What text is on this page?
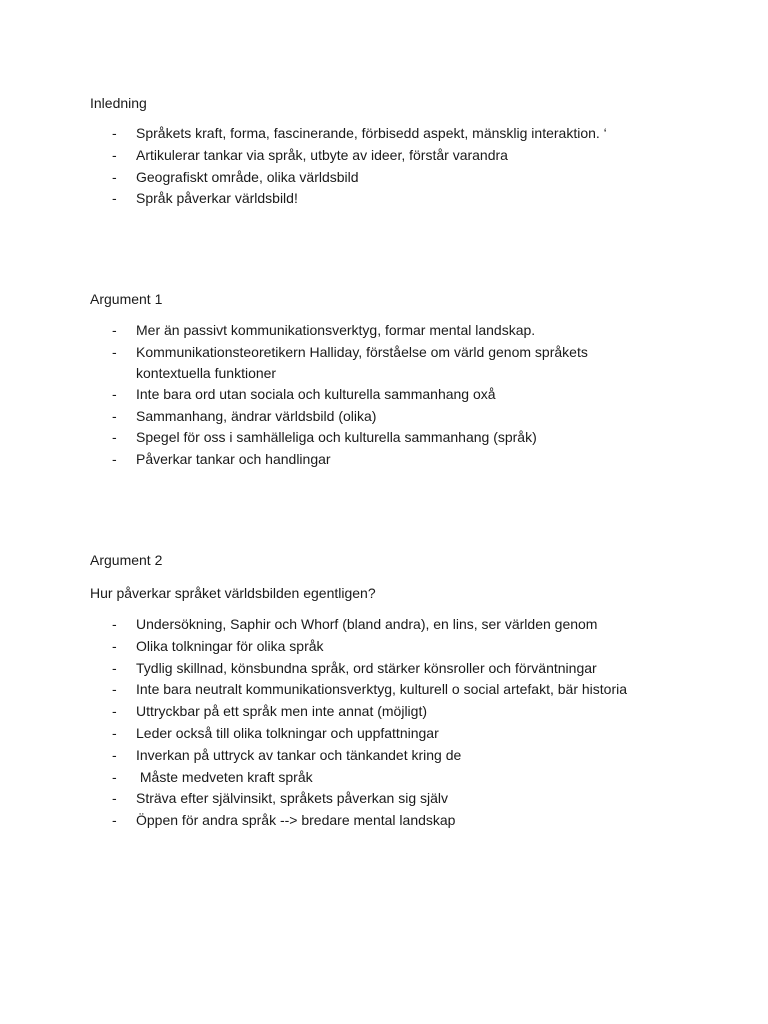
Inledning
- Språkets kraft, forma, fascinerande, förbisedd aspekt, mänsklig interaktion. ‘
- Artikulerar tankar via språk, utbyte av ideer, förstår varandra
- Geografiskt område, olika världsbild
- Språk påverkar världsbild!
Argument 1
- Mer än passivt kommunikationsverktyg, formar mental landskap.
- Kommunikationsteoretikern Halliday, förståelse om värld genom språkets kontextuella funktioner
- Inte bara ord utan sociala och kulturella sammanhang oxå
- Sammanhang, ändrar världsbild (olika)
- Spegel för oss i samhälleliga och kulturella sammanhang (språk)
- Påverkar tankar och handlingar
Argument 2

Hur påverkar språket världsbilden egentligen?

- Undersökning, Saphir och Whorf (bland andra), en lins, ser världen genom
- Olika tolkningar för olika språk
- Tydlig skillnad, könsbundna språk, ord stärker könsroller och förväntningar
- Inte bara neutralt kommunikationsverktyg, kulturell o social artefakt, bär historia
- Uttryckbar på ett språk men inte annat (möjligt)
- Leder också till olika tolkningar och uppfattningar
- Inverkan på uttryck av tankar och tänkandet kring de
- Måste medveten kraft språk
- Sträva efter självinsikt, språkets påverkan sig själv
- Öppen för andra språk --> bredare mental landskap
